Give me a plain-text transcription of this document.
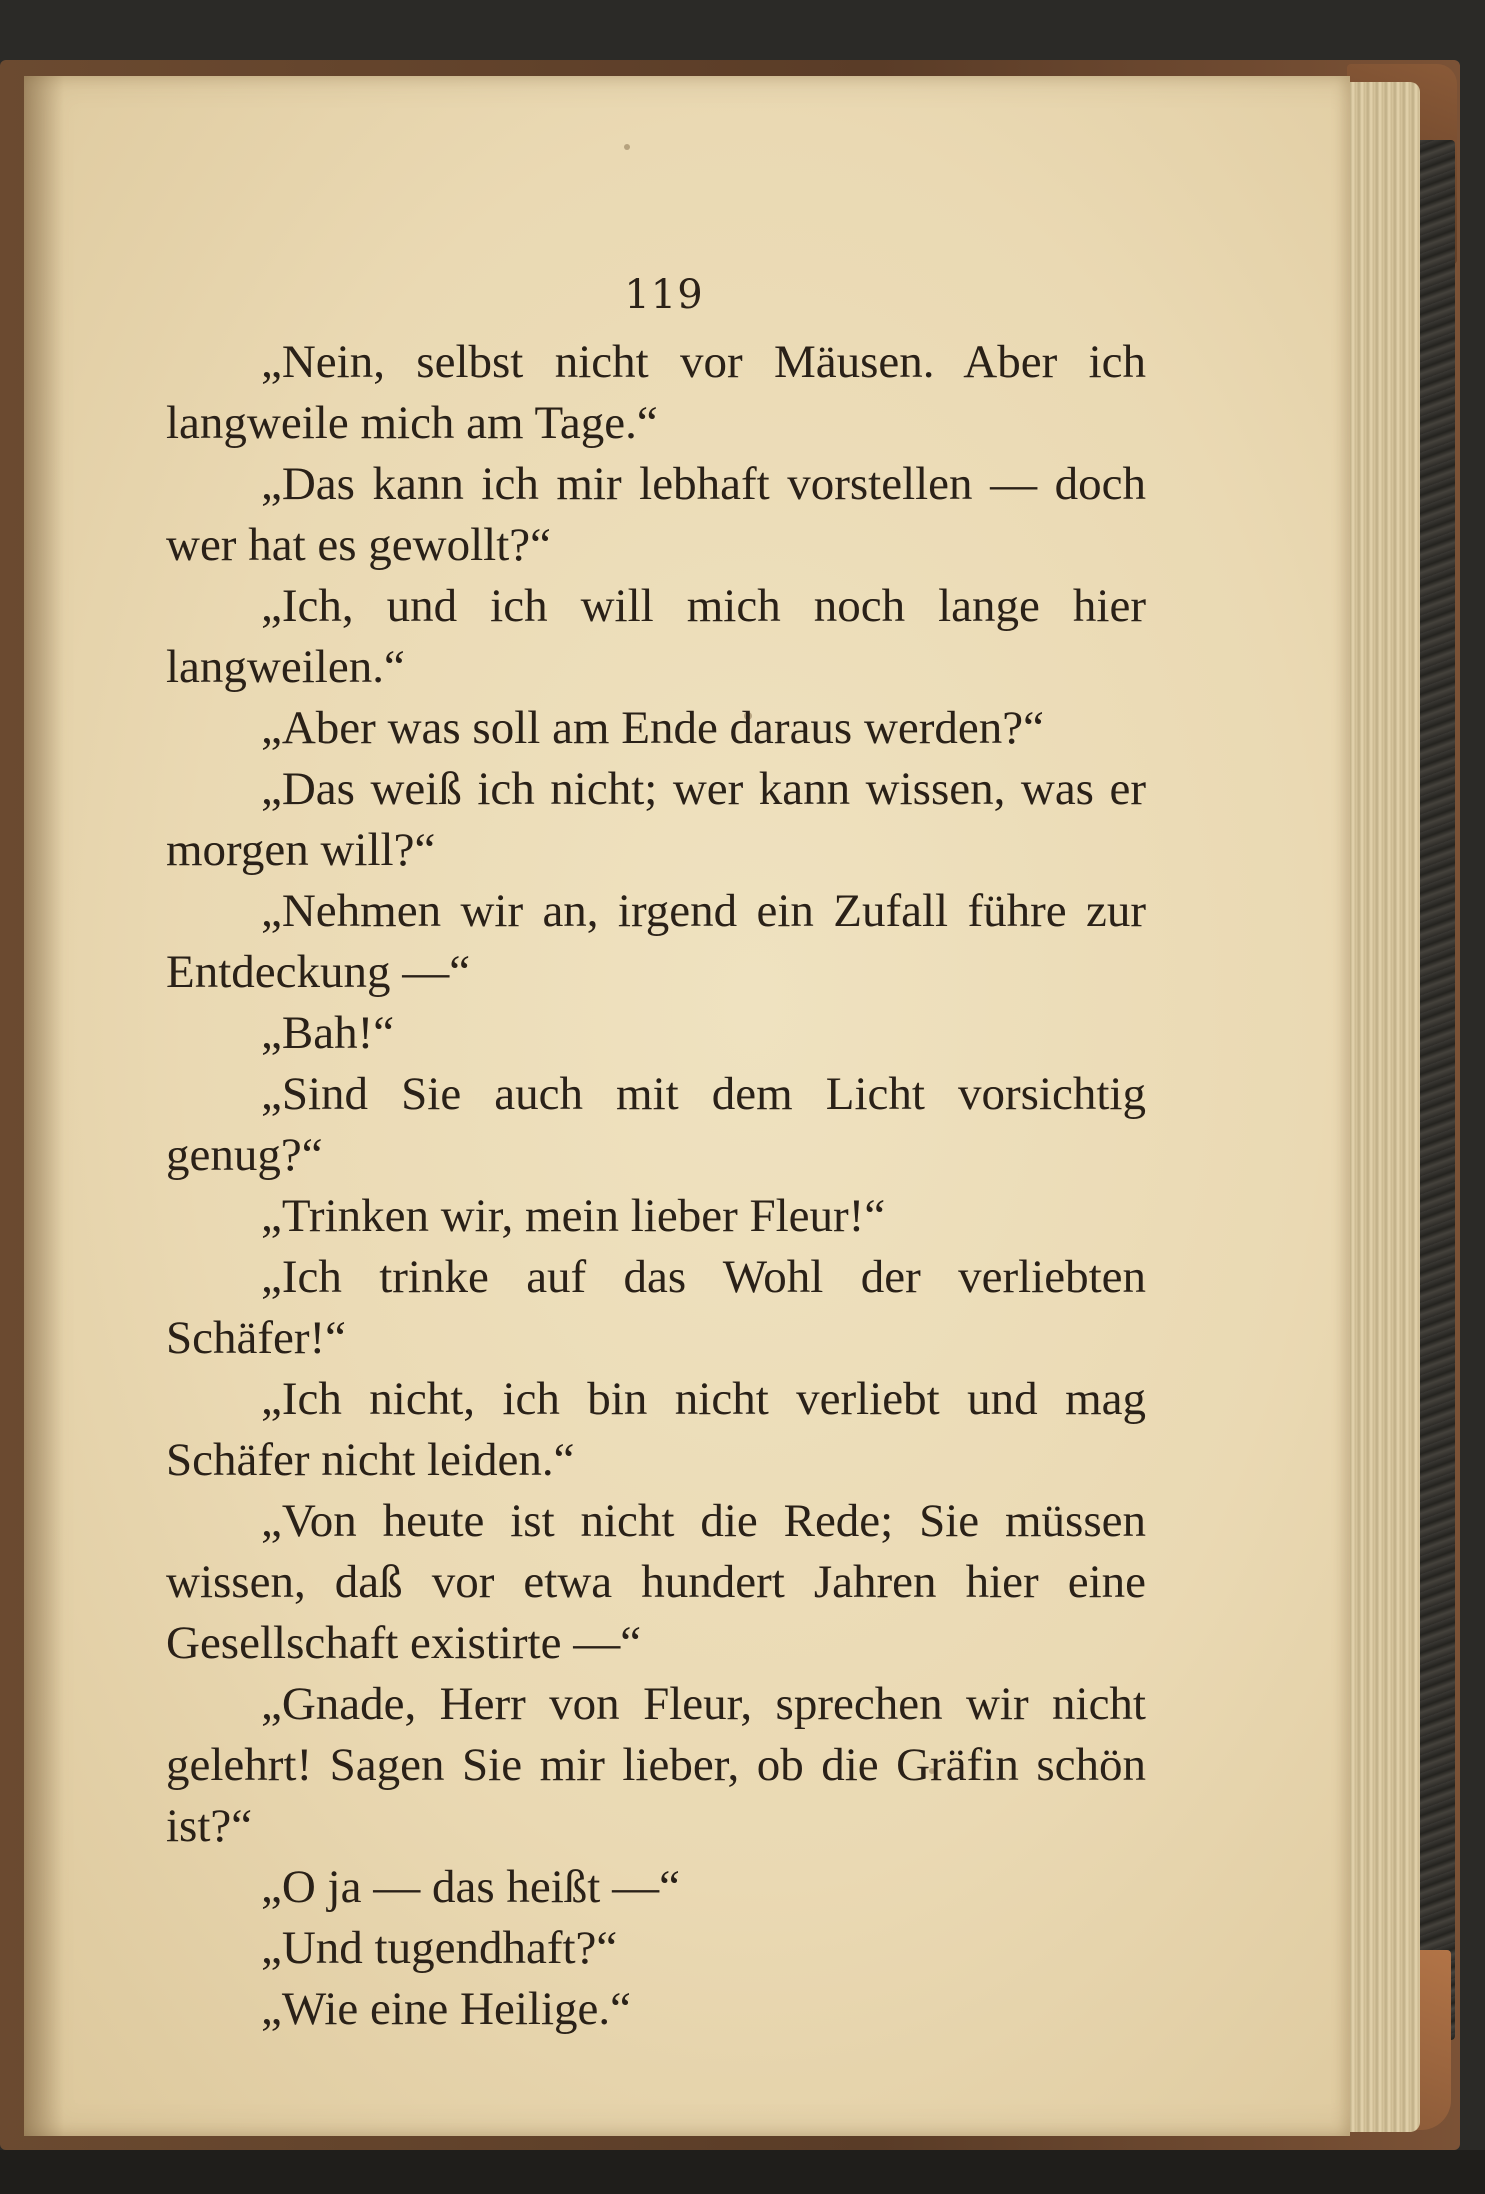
119

„Nein, selbst nicht vor Mäusen. Aber ich langweile mich am Tage.“

„Das kann ich mir lebhaft vorstellen — doch wer hat es gewollt?“

„Ich, und ich will mich noch lange hier langweilen.“

„Aber was soll am Ende daraus werden?“

„Das weiß ich nicht; wer kann wissen, was er morgen will?“

„Nehmen wir an, irgend ein Zufall führe zur Entdeckung —“

„Bah!“

„Sind Sie auch mit dem Licht vorsichtig genug?“

„Trinken wir, mein lieber Fleur!“

„Ich trinke auf das Wohl der verliebten Schäfer!“

„Ich nicht, ich bin nicht verliebt und mag Schäfer nicht leiden.“

„Von heute ist nicht die Rede; Sie müssen wissen, daß vor etwa hundert Jahren hier eine Gesellschaft existirte —“

„Gnade, Herr von Fleur, sprechen wir nicht gelehrt! Sagen Sie mir lieber, ob die Gräfin schön ist?“

„O ja — das heißt —“

„Und tugendhaft?“

„Wie eine Heilige.“
